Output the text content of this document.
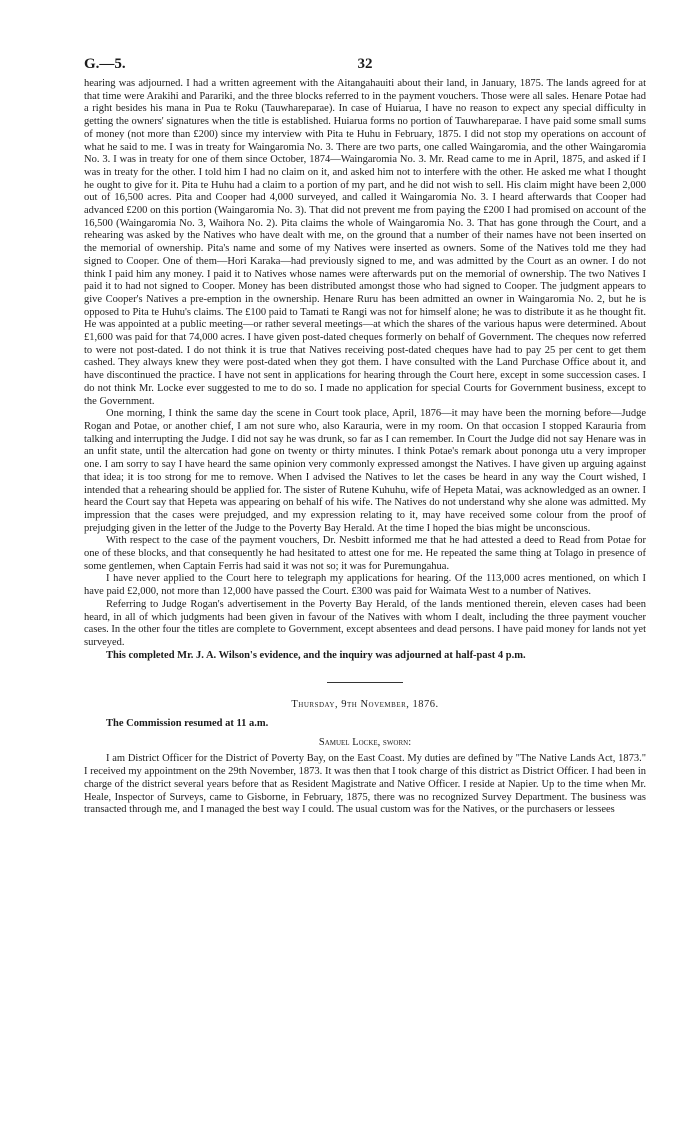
G.—5.	32

hearing was adjourned. I had a written agreement with the Aitangahauiti about their land, in January, 1875. The lands agreed for at that time were Arakihi and Parariki, and the three blocks referred to in the payment vouchers. Those were all sales. Henare Potae had a right besides his mana in Pua te Roku (Tauwhareparae). In case of Huiarua, I have no reason to expect any special difficulty in getting the owners' signatures when the title is established. Huiarua forms no portion of Tauwhareparae. I have paid some small sums of money (not more than £200) since my interview with Pita te Huhu in February, 1875. I did not stop my operations on account of what he said to me. I was in treaty for Waingaromia No. 3. There are two parts, one called Waingaromia, and the other Waingaromia No. 3. I was in treaty for one of them since October, 1874—Waingaromia No. 3. Mr. Read came to me in April, 1875, and asked if I was in treaty for the other. I told him I had no claim on it, and asked him not to interfere with the other. He asked me what I thought he ought to give for it. Pita te Huhu had a claim to a portion of my part, and he did not wish to sell. His claim might have been 2,000 out of 16,500 acres. Pita and Cooper had 4,000 surveyed, and called it Waingaromia No. 3. I heard afterwards that Cooper had advanced £200 on this portion (Waingaromia No. 3). That did not prevent me from paying the £200 I had promised on account of the 16,500 (Waingaromia No. 3, Waihora No. 2). Pita claims the whole of Waingaromia No. 3. That has gone through the Court, and a rehearing was asked by the Natives who have dealt with me, on the ground that a number of their names have not been inserted on the memorial of ownership. Pita's name and some of my Natives were inserted as owners. Some of the Natives told me they had signed to Cooper. One of them—Hori Karaka—had previously signed to me, and was admitted by the Court as an owner. I do not think I paid him any money. I paid it to Natives whose names were afterwards put on the memorial of ownership. The two Natives I paid it to had not signed to Cooper. Money has been distributed amongst those who had signed to Cooper. The judgment appears to give Cooper's Natives a pre-emption in the ownership. Henare Ruru has been admitted an owner in Waingaromia No. 2, but he is opposed to Pita te Huhu's claims. The £100 paid to Tamati te Rangi was not for himself alone; he was to distribute it as he thought fit. He was appointed at a public meeting—or rather several meetings—at which the shares of the various hapus were determined. About £1,600 was paid for that 74,000 acres. I have given post-dated cheques formerly on behalf of Government. The cheques now referred to were not post-dated. I do not think it is true that Natives receiving post-dated cheques have had to pay 25 per cent to get them cashed. They always knew they were post-dated when they got them. I have consulted with the Land Purchase Office about it, and have discontinued the practice. I have not sent in applications for hearing through the Court here, except in some succession cases. I do not think Mr. Locke ever suggested to me to do so. I made no application for special Courts for Government business, except to the Government.

One morning, I think the same day the scene in Court took place, April, 1876—it may have been the morning before—Judge Rogan and Potae, or another chief, I am not sure who, also Karauria, were in my room. On that occasion I stopped Karauria from talking and interrupting the Judge. I did not say he was drunk, so far as I can remember. In Court the Judge did not say Henare was in an unfit state, until the altercation had gone on twenty or thirty minutes. I think Potae's remark about pononga utu a very improper one. I am sorry to say I have heard the same opinion very commonly expressed amongst the Natives. I have given up arguing against that idea; it is too strong for me to remove. When I advised the Natives to let the cases be heard in any way the Court wished, I intended that a rehearing should be applied for. The sister of Rutene Kuhuhu, wife of Hepeta Matai, was acknowledged as an owner. I heard the Court say that Hepeta was appearing on behalf of his wife. The Natives do not understand why she alone was admitted. My impression that the cases were prejudged, and my expression relating to it, may have received some colour from the proof of prejudging given in the letter of the Judge to the Poverty Bay Herald. At the time I hoped the bias might be unconscious.

With respect to the case of the payment vouchers, Dr. Nesbitt informed me that he had attested a deed to Read from Potae for one of these blocks, and that consequently he had hesitated to attest one for me. He repeated the same thing at Tolago in presence of some gentlemen, when Captain Ferris had said it was not so; it was for Puremungahua.

I have never applied to the Court here to telegraph my applications for hearing. Of the 113,000 acres mentioned, on which I have paid £2,000, not more than 12,000 have passed the Court. £300 was paid for Waimata West to a number of Natives.

Referring to Judge Rogan's advertisement in the Poverty Bay Herald, of the lands mentioned therein, eleven cases had been heard, in all of which judgments had been given in favour of the Natives with whom I dealt, including the three payment voucher cases. In the other four the titles are complete to Government, except absentees and dead persons. I have paid money for lands not yet surveyed.

This completed Mr. J. A. Wilson's evidence, and the inquiry was adjourned at half-past 4 p.m.

Thursday, 9th November, 1876.

The Commission resumed at 11 a.m.

Samuel Locke, sworn:

I am District Officer for the District of Poverty Bay, on the East Coast. My duties are defined by "The Native Lands Act, 1873." I received my appointment on the 29th November, 1873. It was then that I took charge of this district as District Officer. I had been in charge of the district several years before that as Resident Magistrate and Native Officer. I reside at Napier. Up to the time when Mr. Heale, Inspector of Surveys, came to Gisborne, in February, 1875, there was no recognized Survey Department. The business was transacted through me, and I managed the best way I could. The usual custom was for the Natives, or the purchasers or lessees
